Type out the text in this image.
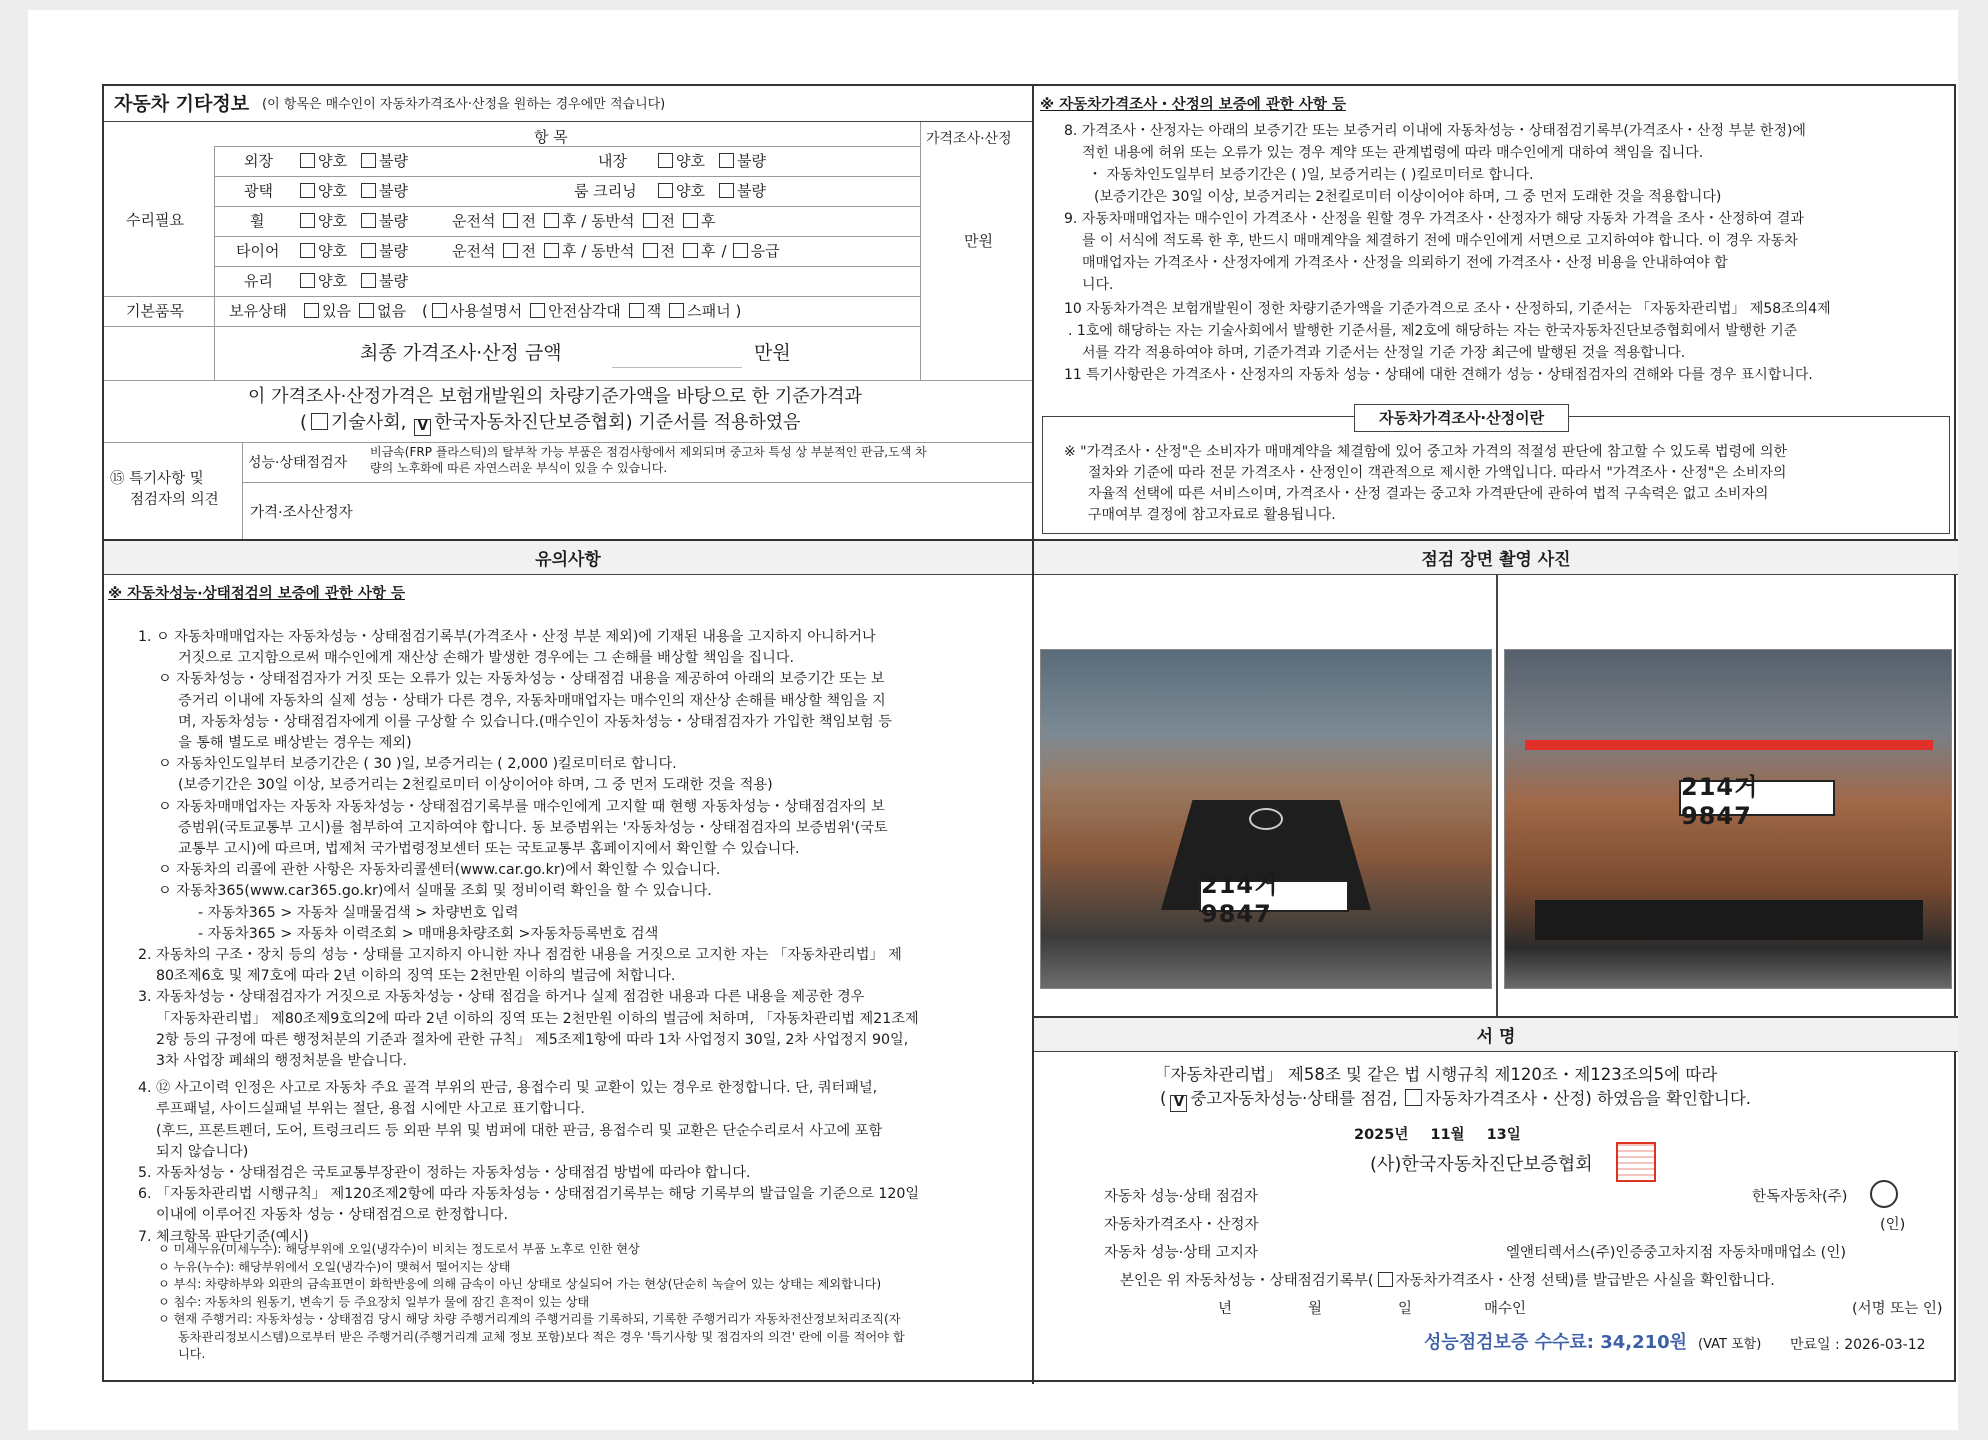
자동차 기타정보 (이 항목은 매수인이 자동차가격조사·산정을 원하는 경우에만 적습니다)
항 목	가격조사·산정
수리필요
기본품목
외장	양호 불량	내장	양호 불량
광택	양호 불량	룸 크리닝	양호 불량
휠	양호 불량	운전석 전 후 / 동반석 전 후
타이어	양호 불량	운전석 전 후 / 동반석 전 후 / 응급
유리	양호 불량
보유상태	있음 없음 ( 사용설명서 안전삼각대 잭 스패너 )
만원
최종 가격조사·산정 금액	만원
이 가격조사·산정가격은 보험개발원의 차량기준가액을 바탕으로 한 기준가격과
( 기술사회, V 한국자동차진단보증협회) 기준서를 적용하였음
⑮ 특기사항 및
점검자의 의견
성능·상태점검자
비금속(FRP 플라스틱)의 탈부착 가능 부품은 점검사항에서 제외되며 중고차 특성 상 부분적인 판금,도색 차
량의 노후화에 따른 자연스러운 부식이 있을 수 있습니다.
가격·조사산정자
※ 자동차가격조사・산정의 보증에 관한 사항 등

8. 가격조사・산정자는 아래의 보증기간 또는 보증거리 이내에 자동차성능・상태점검기록부(가격조사・산정 부분 한정)에

적힌 내용에 허위 또는 오류가 있는 경우 계약 또는 관계법령에 따라 매수인에게 대하여 책임을 집니다.

・ 자동차인도일부터 보증기간은 ( )일, 보증거리는 ( )킬로미터로 합니다.

(보증기간은 30일 이상, 보증거리는 2천킬로미터 이상이어야 하며, 그 중 먼저 도래한 것을 적용합니다)

9. 자동차매매업자는 매수인이 가격조사・산정을 원할 경우 가격조사・산정자가 해당 자동차 가격을 조사・산정하여 결과

를 이 서식에 적도록 한 후, 반드시 매매계약을 체결하기 전에 매수인에게 서면으로 고지하여야 합니다. 이 경우 자동차

매매업자는 가격조사・산정자에게 가격조사・산정을 의뢰하기 전에 가격조사・산정 비용을 안내하여야 합

니다.

10 자동차가격은 보험개발원이 정한 차량기준가액을 기준가격으로 조사・산정하되, 기준서는 「자동차관리법」 제58조의4제

. 1호에 해당하는 자는 기술사회에서 발행한 기준서를, 제2호에 해당하는 자는 한국자동차진단보증협회에서 발행한 기준

서를 각각 적용하여야 하며, 기준가격과 기준서는 산정일 기준 가장 최근에 발행된 것을 적용합니다.

11 특기사항란은 가격조사・산정자의 자동차 성능・상태에 대한 견해가 성능・상태점검자의 견해와 다를 경우 표시합니다.

자동차가격조사·산정이란

※ "가격조사・산정"은 소비자가 매매계약을 체결함에 있어 중고차 가격의 적절성 판단에 참고할 수 있도록 법령에 의한

절차와 기준에 따라 전문 가격조사・산정인이 객관적으로 제시한 가액입니다. 따라서 "가격조사・산정"은 소비자의

자율적 선택에 따른 서비스이며, 가격조사・산정 결과는 중고차 가격판단에 관하여 법적 구속력은 없고 소비자의

구매여부 결정에 참고자료로 활용됩니다.

유의사항
※ 자동차성능·상태점검의 보증에 관한 사항 등

1. ㅇ 자동차매매업자는 자동차성능・상태점검기록부(가격조사・산정 부분 제외)에 기재된 내용을 고지하지 아니하거나

거짓으로 고지함으로써 매수인에게 재산상 손해가 발생한 경우에는 그 손해를 배상할 책임을 집니다.

ㅇ 자동차성능・상태점검자가 거짓 또는 오류가 있는 자동차성능・상태점검 내용을 제공하여 아래의 보증기간 또는 보

증거리 이내에 자동차의 실제 성능・상태가 다른 경우, 자동차매매업자는 매수인의 재산상 손해를 배상할 책임을 지

며, 자동차성능・상태점검자에게 이를 구상할 수 있습니다.(매수인이 자동차성능・상태점검자가 가입한 책임보험 등

을 통해 별도로 배상받는 경우는 제외)

ㅇ 자동차인도일부터 보증기간은 ( 30 )일, 보증거리는 ( 2,000 )킬로미터로 합니다.

(보증기간은 30일 이상, 보증거리는 2천킬로미터 이상이어야 하며, 그 중 먼저 도래한 것을 적용)

ㅇ 자동차매매업자는 자동차 자동차성능・상태점검기록부를 매수인에게 고지할 때 현행 자동차성능・상태점검자의 보

증범위(국토교통부 고시)를 첨부하여 고지하여야 합니다. 동 보증범위는 '자동차성능・상태점검자의 보증범위'(국토

교통부 고시)에 따르며, 법제처 국가법령정보센터 또는 국토교통부 홈페이지에서 확인할 수 있습니다.

ㅇ 자동차의 리콜에 관한 사항은 자동차리콜센터(www.car.go.kr)에서 확인할 수 있습니다.

ㅇ 자동차365(www.car365.go.kr)에서 실매물 조회 및 정비이력 확인을 할 수 있습니다.

- 자동차365 > 자동차 실매물검색 > 차량번호 입력

- 자동차365 > 자동차 이력조회 > 매매용차량조회 >자동차등록번호 검색

2. 자동차의 구조・장치 등의 성능・상태를 고지하지 아니한 자나 점검한 내용을 거짓으로 고지한 자는 「자동차관리법」 제

80조제6호 및 제7호에 따라 2년 이하의 징역 또는 2천만원 이하의 벌금에 처합니다.

3. 자동차성능・상태점검자가 거짓으로 자동차성능・상태 점검을 하거나 실제 점검한 내용과 다른 내용을 제공한 경우

「자동차관리법」 제80조제9호의2에 따라 2년 이하의 징역 또는 2천만원 이하의 벌금에 처하며, 「자동차관리법 제21조제

2항 등의 규정에 따른 행정처분의 기준과 절차에 관한 규칙」 제5조제1항에 따라 1차 사업정지 30일, 2차 사업정지 90일,

3차 사업장 폐쇄의 행정처분을 받습니다.

4. ⑫ 사고이력 인정은 사고로 자동차 주요 골격 부위의 판금, 용접수리 및 교환이 있는 경우로 한정합니다. 단, 쿼터패널,

루프패널, 사이드실패널 부위는 절단, 용접 시에만 사고로 표기합니다.

(후드, 프론트펜더, 도어, 트렁크리드 등 외판 부위 및 범퍼에 대한 판금, 용접수리 및 교환은 단순수리로서 사고에 포함

되지 않습니다)

5. 자동차성능・상태점검은 국토교통부장관이 정하는 자동차성능・상태점검 방법에 따라야 합니다.

6. 「자동차관리법 시행규칙」 제120조제2항에 따라 자동차성능・상태점검기록부는 해당 기록부의 발급일을 기준으로 120일

이내에 이루어진 자동차 성능・상태점검으로 한정합니다.

7. 체크항목 판단기준(예시)

ㅇ 미세누유(미세누수): 해당부위에 오일(냉각수)이 비치는 정도로서 부품 노후로 인한 현상

ㅇ 누유(누수): 해당부위에서 오일(냉각수)이 맺혀서 떨어지는 상태

ㅇ 부식: 차량하부와 외판의 금속표면이 화학반응에 의해 금속이 아닌 상태로 상실되어 가는 현상(단순히 녹슬어 있는 상태는 제외합니다)

ㅇ 침수: 자동차의 원동기, 변속기 등 주요장치 일부가 물에 잠긴 흔적이 있는 상태

ㅇ 현재 주행거리: 자동차성능・상태점검 당시 해당 차량 주행거리계의 주행거리를 기록하되, 기록한 주행거리가 자동차전산정보처리조직(자

동차관리정보시스템)으로부터 받은 주행거리(주행거리계 교체 정보 포함)보다 적은 경우 '특기사항 및 점검자의 의견' 란에 이를 적어야 합

니다.

점검 장면 촬영 사진
214거 9847
214거 9847
서 명
「자동차관리법」 제58조 및 같은 법 시행규칙 제120조・제123조의5에 따라
( V 중고자동차성능·상태를 점검, 자동차가격조사・산정) 하였음을 확인합니다.
2025년 11월 13일
(사)한국자동차진단보증협회
자동차 성능·상태 점검자	한독자동차(주)
자동차가격조사・산정자	(인)
자동차 성능·상태 고지자	엘앤티렉서스(주)인증중고차지점 자동차매매업소 (인)
본인은 위 자동차성능・상태점검기록부( 자동차가격조사・산정 선택)를 발급받은 사실을 확인합니다.
년	월	일	매수인	(서명 또는 인)
성능점검보증 수수료: 34,210원 (VAT 포함) 만료일 : 2026-03-12
